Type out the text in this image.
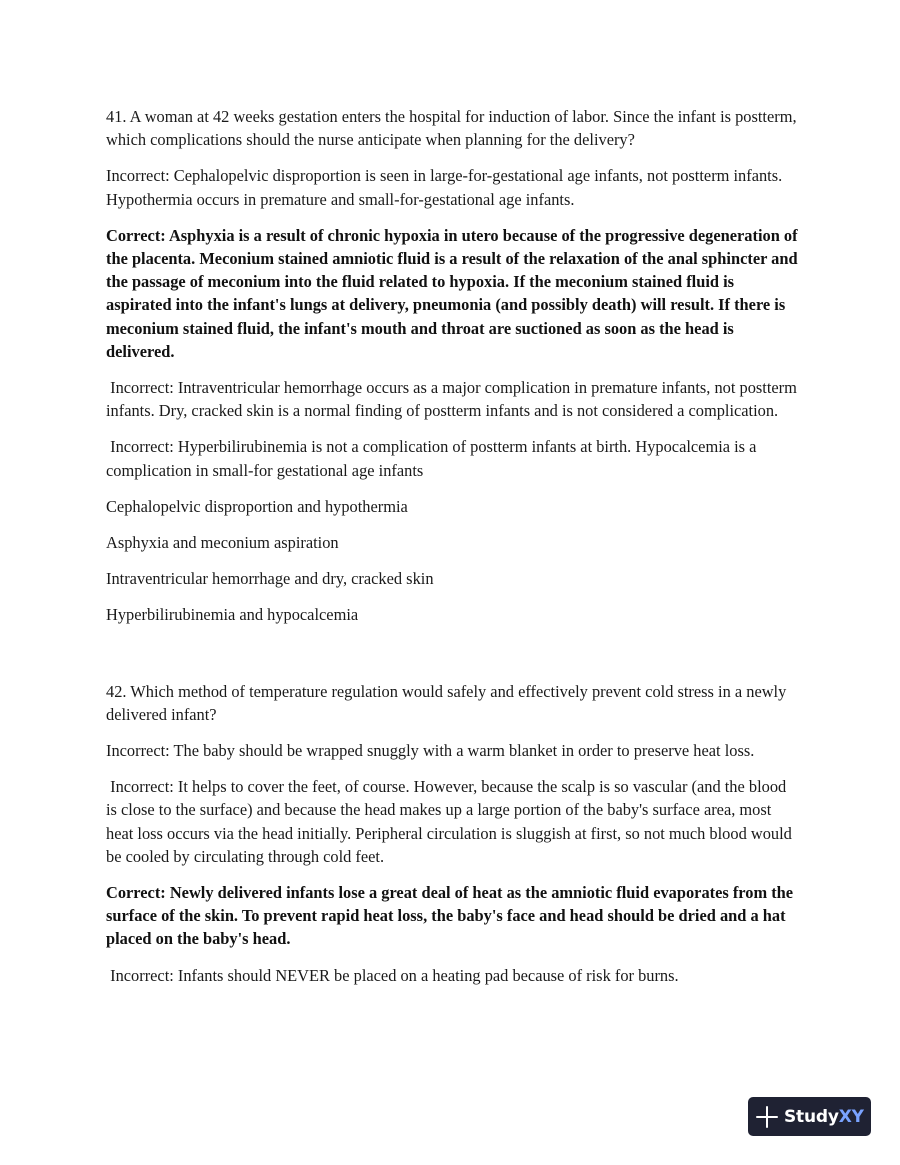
41. A woman at 42 weeks gestation enters the hospital for induction of labor. Since the infant is postterm, which complications should the nurse anticipate when planning for the delivery?

Incorrect: Cephalopelvic disproportion is seen in large-for-gestational age infants, not postterm infants. Hypothermia occurs in premature and small-for-gestational age infants.

Correct: Asphyxia is a result of chronic hypoxia in utero because of the progressive degeneration of the placenta. Meconium stained amniotic fluid is a result of the relaxation of the anal sphincter and the passage of meconium into the fluid related to hypoxia. If the meconium stained fluid is aspirated into the infant's lungs at delivery, pneumonia (and possibly death) will result. If there is meconium stained fluid, the infant's mouth and throat are suctioned as soon as the head is delivered.

Incorrect: Intraventricular hemorrhage occurs as a major complication in premature infants, not postterm infants. Dry, cracked skin is a normal finding of postterm infants and is not considered a complication.

Incorrect: Hyperbilirubinemia is not a complication of postterm infants at birth. Hypocalcemia is a complication in small-for gestational age infants

Cephalopelvic disproportion and hypothermia

Asphyxia and meconium aspiration

Intraventricular hemorrhage and dry, cracked skin

Hyperbilirubinemia and hypocalcemia

42. Which method of temperature regulation would safely and effectively prevent cold stress in a newly delivered infant?

Incorrect: The baby should be wrapped snuggly with a warm blanket in order to preserve heat loss.

Incorrect: It helps to cover the feet, of course. However, because the scalp is so vascular (and the blood is close to the surface) and because the head makes up a large portion of the baby's surface area, most heat loss occurs via the head initially. Peripheral circulation is sluggish at first, so not much blood would be cooled by circulating through cold feet.

Correct: Newly delivered infants lose a great deal of heat as the amniotic fluid evaporates from the surface of the skin. To prevent rapid heat loss, the baby's face and head should be dried and a hat placed on the baby's head.

Incorrect: Infants should NEVER be placed on a heating pad because of risk for burns.

StudyXY
